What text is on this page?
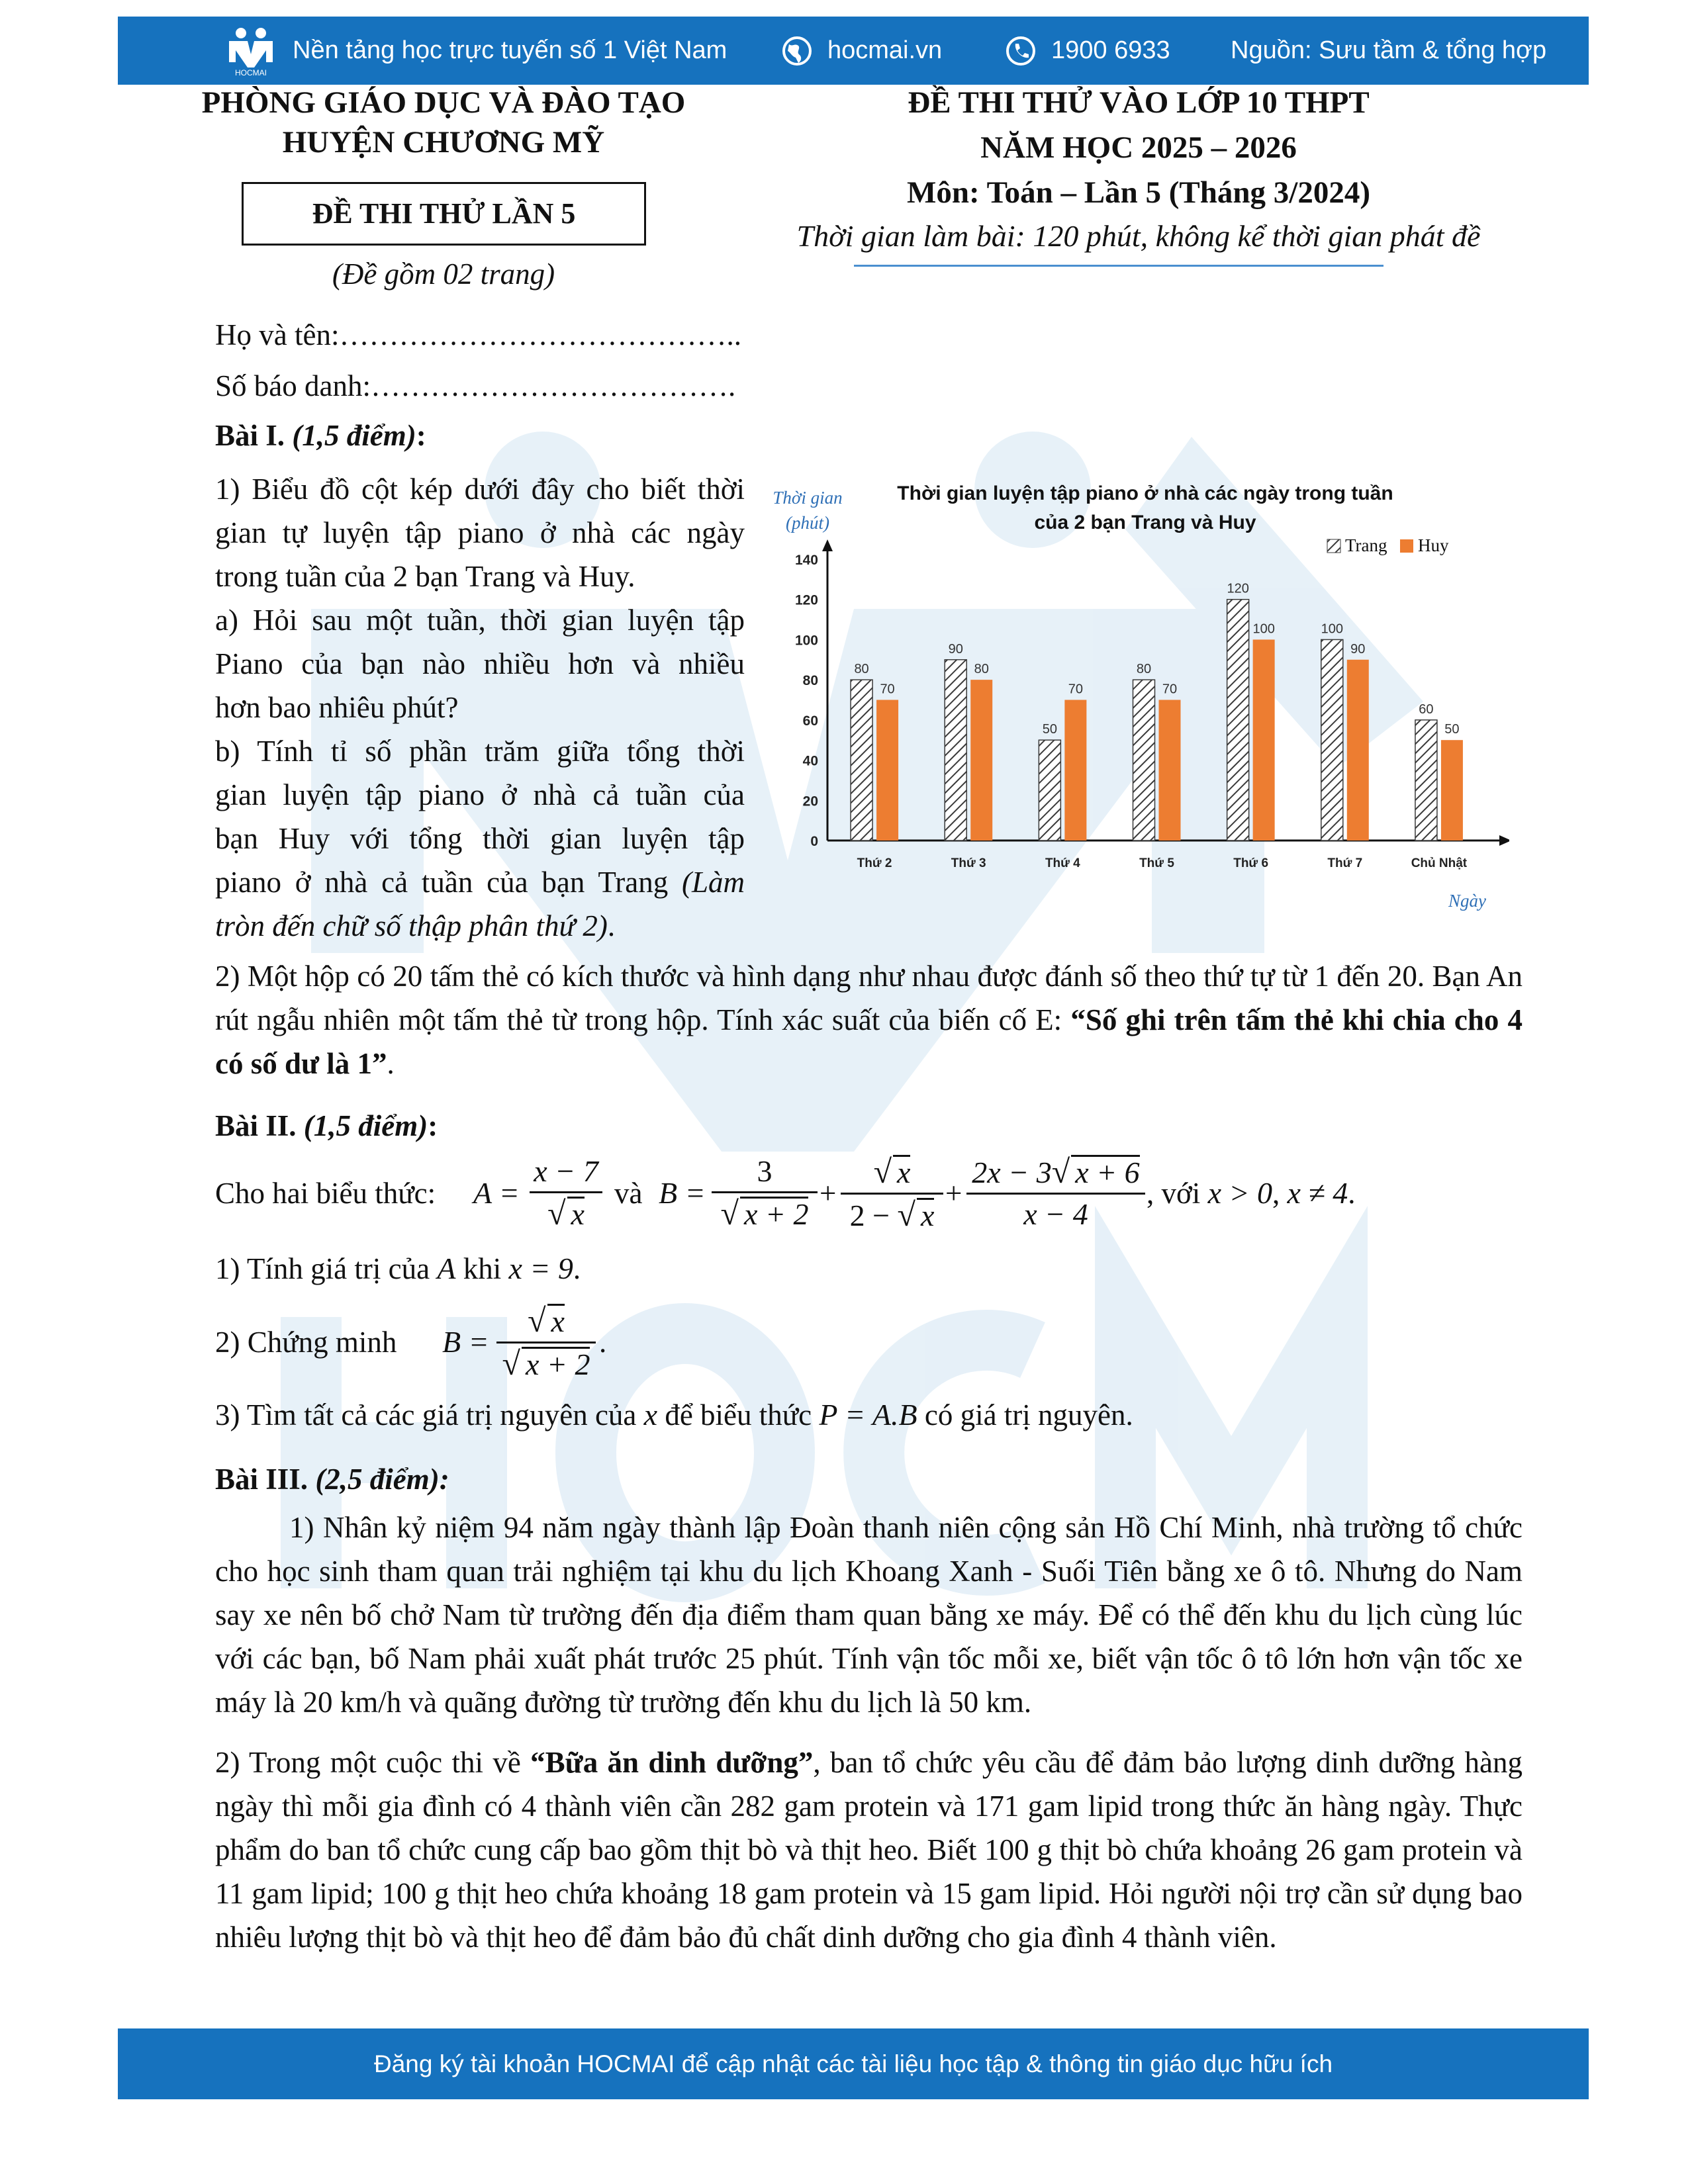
HOCMAI
Nền tảng học trực tuyến số 1 Việt Nam	hocmai.vn	1900 6933 Nguồn: Sưu tầm & tổng hợp
PHÒNG GIÁO DỤC VÀ ĐÀO TẠO
HUYỆN CHƯƠNG MỸ
ĐỀ THI THỬ LẦN 5
(Đề gồm 02 trang)
ĐỀ THI THỬ VÀO LỚP 10 THPT
NĂM HỌC 2025 – 2026
Môn: Toán – Lần 5 (Tháng 3/2024)
Thời gian làm bài: 120 phút, không kể thời gian phát đề
Họ và tên:…………………………………..
Số báo danh:……………………………….
Bài I. (1,5 điểm):
1) Biểu đồ cột kép dưới đây cho biết thời
gian tự luyện tập piano ở nhà các ngày
trong tuần của 2 bạn Trang và Huy.
a) Hỏi sau một tuần, thời gian luyện tập
Piano của bạn nào nhiều hơn và nhiều
hơn bao nhiêu phút?
b) Tính tỉ số phần trăm giữa tổng thời
gian luyện tập piano ở nhà cả tuần của
bạn Huy với tổng thời gian luyện tập
piano ở nhà cả tuần của bạn Trang (Làm
tròn đến chữ số thập phân thứ 2).
Thời gian luyện tập piano ở nhà các ngày trong tuần
của 2 bạn Trang và Huy
Thời gian
(phút)
Ngày
Trang Huy
0
20
40
60
80
100
120
140
Thứ 2
80
70
Thứ 3
90
80
Thứ 4
50
70
Thứ 5
80
70
Thứ 6
120
100
Thứ 7
100
90
Chủ Nhật
60
50
2) Một hộp có 20 tấm thẻ có kích thước và hình dạng như nhau được đánh số theo thứ tự từ 1 đến 20. Bạn An rút ngẫu nhiên một tấm thẻ từ trong hộp. Tính xác suất của biến cố E: “Số ghi trên tấm thẻ khi chia cho 4 có số dư là 1”.
Bài II. (1,5 điểm):
Cho hai biểu thức: $A = \frac{x - 7}{√ x}$ và $B = \frac{3}{√ x + 2} + \frac{√ x}{2 - √ x} + \frac{2x - 3√ x + 6}{x - 4}$ , với x > 0, x ≠ 4.
1) Tính giá trị của A khi x = 9.
2) Chứng minh $B = \frac{√ x}{√ x + 2}$ .
3) Tìm tất cả các giá trị nguyên của x để biểu thức P = A.B có giá trị nguyên.
Bài III. (2,5 điểm):
1) Nhân kỷ niệm 94 năm ngày thành lập Đoàn thanh niên cộng sản Hồ Chí Minh, nhà trường tổ chức cho học sinh tham quan trải nghiệm tại khu du lịch Khoang Xanh - Suối Tiên bằng xe ô tô. Nhưng do Nam say xe nên bố chở Nam từ trường đến địa điểm tham quan bằng xe máy. Để có thể đến khu du lịch cùng lúc với các bạn, bố Nam phải xuất phát trước 25 phút. Tính vận tốc mỗi xe, biết vận tốc ô tô lớn hơn vận tốc xe máy là 20 km/h và quãng đường từ trường đến khu du lịch là 50 km.
2) Trong một cuộc thi về “Bữa ăn dinh dưỡng”, ban tổ chức yêu cầu để đảm bảo lượng dinh dưỡng hàng ngày thì mỗi gia đình có 4 thành viên cần 282 gam protein và 171 gam lipid trong thức ăn hàng ngày. Thực phẩm do ban tổ chức cung cấp bao gồm thịt bò và thịt heo. Biết 100 g thịt bò chứa khoảng 26 gam protein và 11 gam lipid; 100 g thịt heo chứa khoảng 18 gam protein và 15 gam lipid. Hỏi người nội trợ cần sử dụng bao nhiêu lượng thịt bò và thịt heo để đảm bảo đủ chất dinh dưỡng cho gia đình 4 thành viên.
Đăng ký tài khoản HOCMAI để cập nhật các tài liệu học tập & thông tin giáo dục hữu ích
